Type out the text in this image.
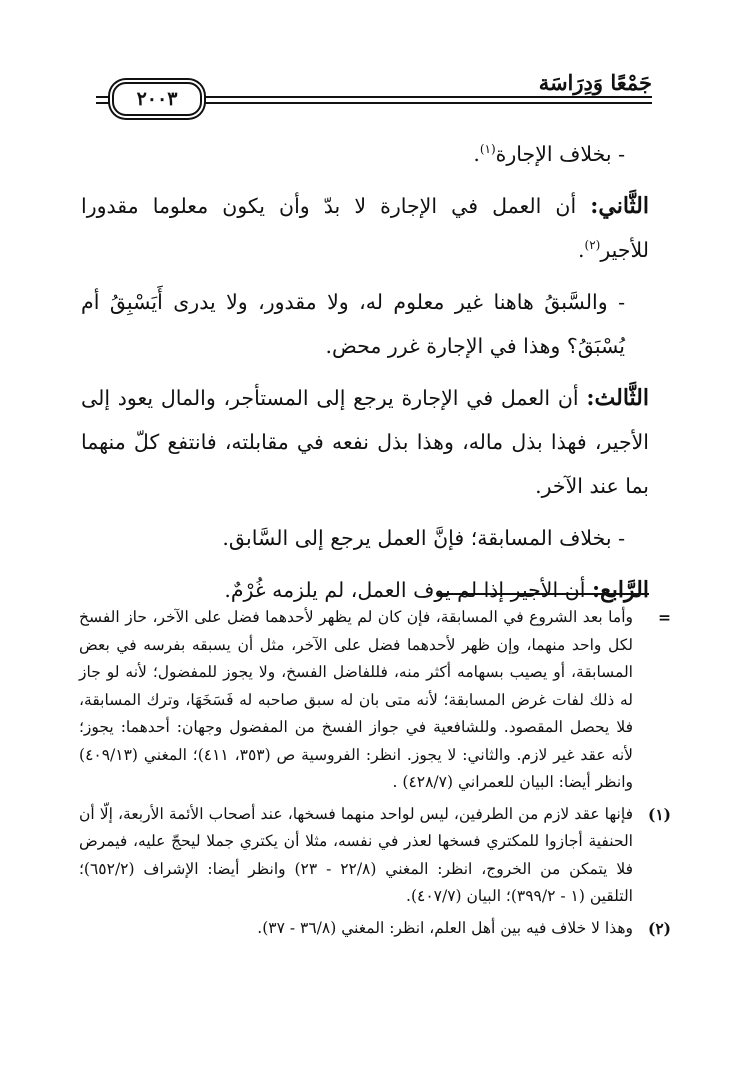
جَمْعًا وَدِرَاسَة
٢٠٠٣

- بخلاف الإجارة$^{(١)}$.

الثَّاني: أن العمل في الإجارة لا بدّ وأن يكون معلوما مقدورا للأجير$^{(٢)}$.

- والسَّبقُ هاهنا غير معلوم له، ولا مقدور، ولا يدرى أَيَسْبِقُ أم يُسْبَقُ؟ وهذا في الإجارة غرر محض.

الثَّالث: أن العمل في الإجارة يرجع إلى المستأجر، والمال يعود إلى الأجير، فهذا بذل ماله، وهذا بذل نفعه في مقابلته، فانتفع كلّ منهما بما عند الآخر.

- بخلاف المسابقة؛ فإنَّ العمل يرجع إلى السَّابق.

الرَّابع: أن الأجير إذا لم يوف العمل، لم يلزمه غُرْمٌ.

=
وأما بعد الشروع في المسابقة، فإن كان لم يظهر لأحدهما فضل على الآخر، حاز الفسخ لكل واحد منهما، وإن ظهر لأحدهما فضل على الآخر، مثل أن يسبقه بفرسه في بعض المسابقة، أو يصيب بسهامه أكثر منه، فللفاضل الفسخ، ولا يجوز للمفضول؛ لأنه لو جاز له ذلك لفات غرض المسابقة؛ لأنه متى بان له سبق صاحبه له فَسَخَهَا، وترك المسابقة، فلا يحصل المقصود. وللشافعية في جواز الفسخ من المفضول وجهان: أحدهما: يجوز؛ لأنه عقد غير لازم. والثاني: لا يجوز. انظر: الفروسية ص (٣٥٣، ٤١١)؛ المغني (٤٠٩/١٣) وانظر أيضا: البيان للعمراني (٤٢٨/٧) .
(١)
فإنها عقد لازم من الطرفين، ليس لواحد منهما فسخها، عند أصحاب الأئمة الأربعة، إلّا أن الحنفية أجازوا للمكتري فسخها لعذر في نفسه، مثلا أن يكتري جملا ليحجّ عليه، فيمرض فلا يتمكن من الخروج، انظر: المغني (٢٢/٨ - ٢٣) وانظر أيضا: الإشراف (٦٥٢/٢)؛ التلقين (١ - ٣٩٩/٢)؛ البيان (٤٠٧/٧).
(٢)
وهذا لا خلاف فيه بين أهل العلم، انظر: المغني (٣٦/٨ - ٣٧).
